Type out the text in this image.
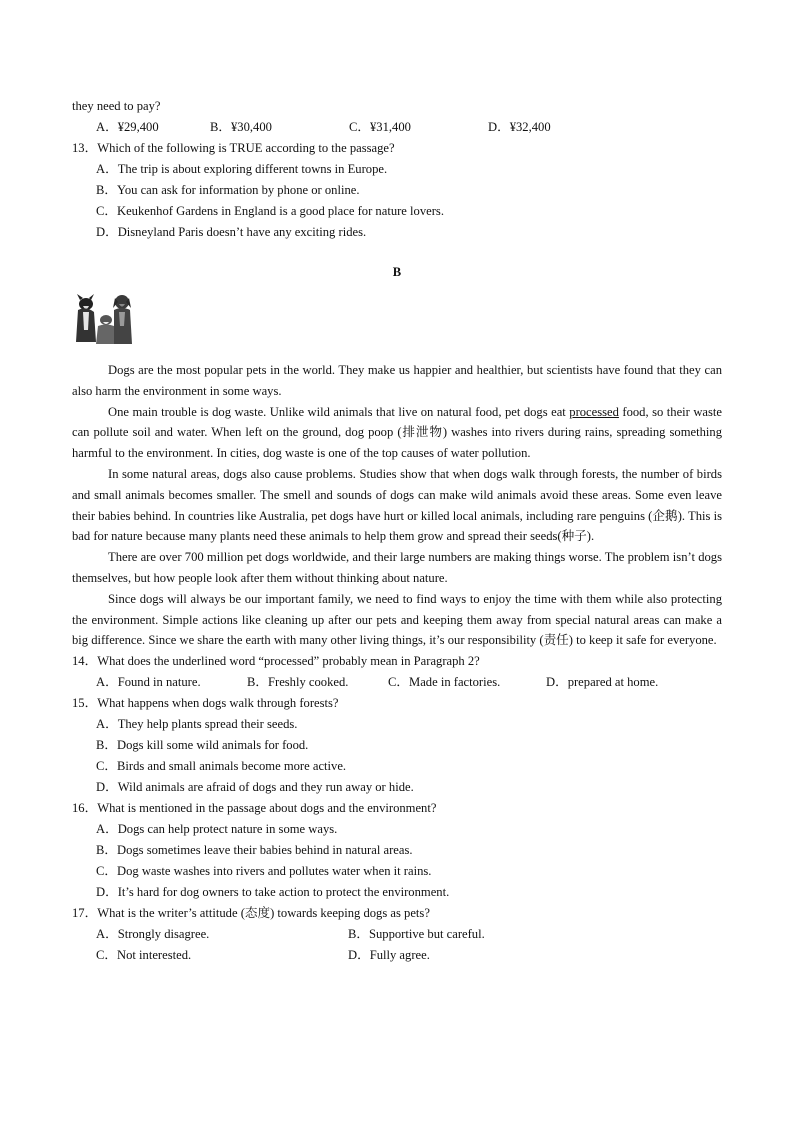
they need to pay?
A．¥29,400	B．¥30,400	C．¥31,400	D．¥32,400
13．Which of the following is TRUE according to the passage?
A．The trip is about exploring different towns in Europe.
B．You can ask for information by phone or online.
C．Keukenhof Gardens in England is a good place for nature lovers.
D．Disneyland Paris doesn’t have any exciting rides.
B

Dogs are the most popular pets in the world. They make us happier and healthier, but scientists have found that they can also harm the environment in some ways.

One main trouble is dog waste. Unlike wild animals that live on natural food, pet dogs eat processed food, so their waste can pollute soil and water. When left on the ground, dog poop (排泄物) washes into rivers during rains, spreading something harmful to the environment. In cities, dog waste is one of the top causes of water pollution.

In some natural areas, dogs also cause problems. Studies show that when dogs walk through forests, the number of birds and small animals becomes smaller. The smell and sounds of dogs can make wild animals avoid these areas. Some even leave their babies behind. In countries like Australia, pet dogs have hurt or killed local animals, including rare penguins (企鹅). This is bad for nature because many plants need these animals to help them grow and spread their seeds(种子).

There are over 700 million pet dogs worldwide, and their large numbers are making things worse. The problem isn’t dogs themselves, but how people look after them without thinking about nature.

Since dogs will always be our important family, we need to find ways to enjoy the time with them while also protecting the environment. Simple actions like cleaning up after our pets and keeping them away from special natural areas can make a big difference. Since we share the earth with many other living things, it’s our responsibility (责任) to keep it safe for everyone.

14．What does the underlined word “processed” probably mean in Paragraph 2?
A．Found in nature.	B．Freshly cooked.	C．Made in factories.	D．prepared at home.
15．What happens when dogs walk through forests?
A．They help plants spread their seeds.
B．Dogs kill some wild animals for food.
C．Birds and small animals become more active.
D．Wild animals are afraid of dogs and they run away or hide.
16．What is mentioned in the passage about dogs and the environment?
A．Dogs can help protect nature in some ways.
B．Dogs sometimes leave their babies behind in natural areas.
C．Dog waste washes into rivers and pollutes water when it rains.
D．It’s hard for dog owners to take action to protect the environment.
17．What is the writer’s attitude (态度) towards keeping dogs as pets?
A．Strongly disagree.	B．Supportive but careful.
C．Not interested.	D．Fully agree.
